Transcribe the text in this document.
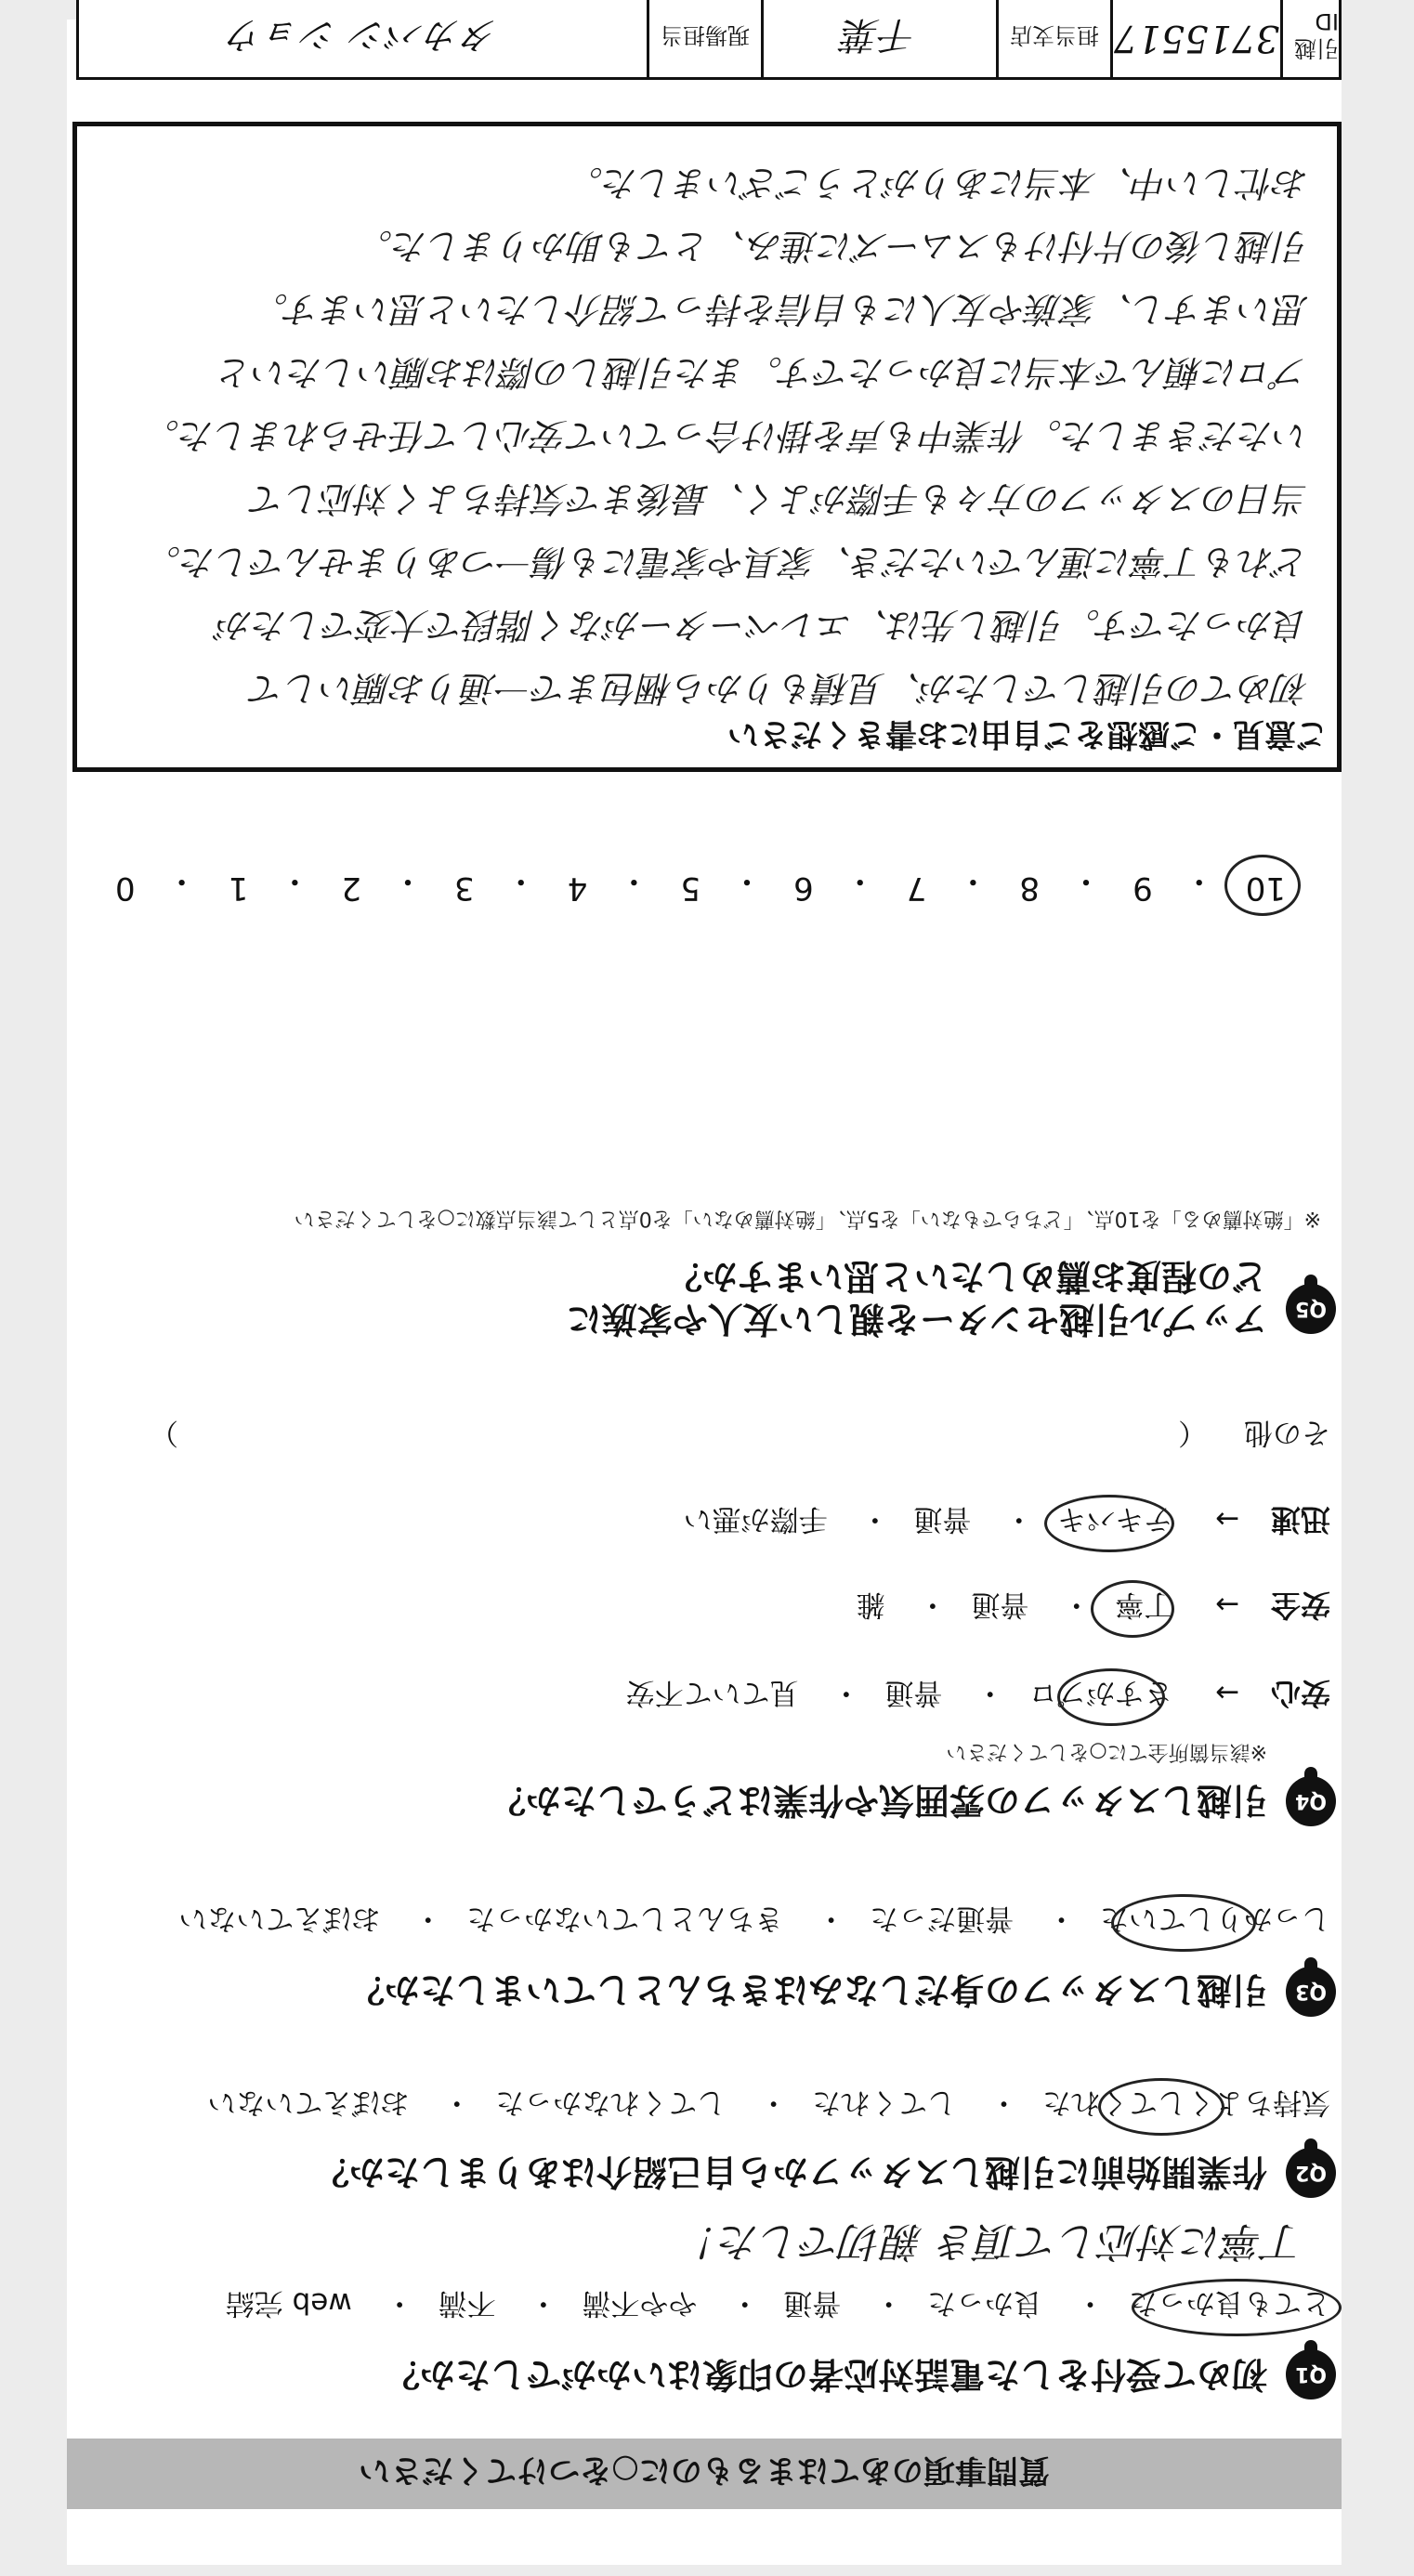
質問事項のあてはまるものに○をつけてください
Q1
初めて受付をした電話対応者の印象はいかがでしたか？
とても良かった・ 良かった・ 普通・ やや不満・ 不満・ web 完結
丁寧に対応して頂き 親切でした！
Q2
作業開始前に引越しスタッフから自己紹介はありましたか？
気持ちよくしてくれた・ してくれた・ してくれなかった・ おぼえていない
Q3
引越しスタッフの身だしなみはきちんとしていましたか？
しっかりしていた・ 普通だった・ きちんとしていなかった・ おぼえていない
Q4
引越しスタッフの雰囲気や作業はどうでしたか？
※該当箇所全てに○をしてください
安心 → さすがプロ・ 普通・ 見ていて不安
安全 → 丁寧・ 普通・ 雑
迅速 → テキパキ・ 普通・ 手際が悪い
その他 （
）
Q5
アップル引越センターを親しい友人や家族に
どの程度お薦めしたいと思いますか？
※「絶対薦める」を10点、「どちらでもない」を5点、「絶対薦めない」を0点として該当点数に○をしてください
10
・
9
・
8
・
7
・
6
・
5
・
4
・
3
・
2
・
1
・
0
ご意見・ご感想をご自由にお書きください
初めての引越しでしたが、見積もりから梱包まで一通りお願いして
良かったです。引越し先は、エレベーターがなく階段で大変でしたが
どれも丁寧に運んでいただき、家具や家電にも傷一つありませんでした。
当日のスタッフの方々も手際がよく、最後まで気持ちよく対応して
いただきました。作業中も声を掛け合っていて安心して任せられました。
プロに頼んで本当に良かったです。また引越しの際はお願いしたいと
思いますし、家族や友人にも自信を持って紹介したいと思います。
引越し後の片付けもスムーズに進み、とても助かりました。
お忙しい中、本当にありがとうございました。
引越ID
3715517
担当支店
千葉
現場担当
タカバシ ショウ
